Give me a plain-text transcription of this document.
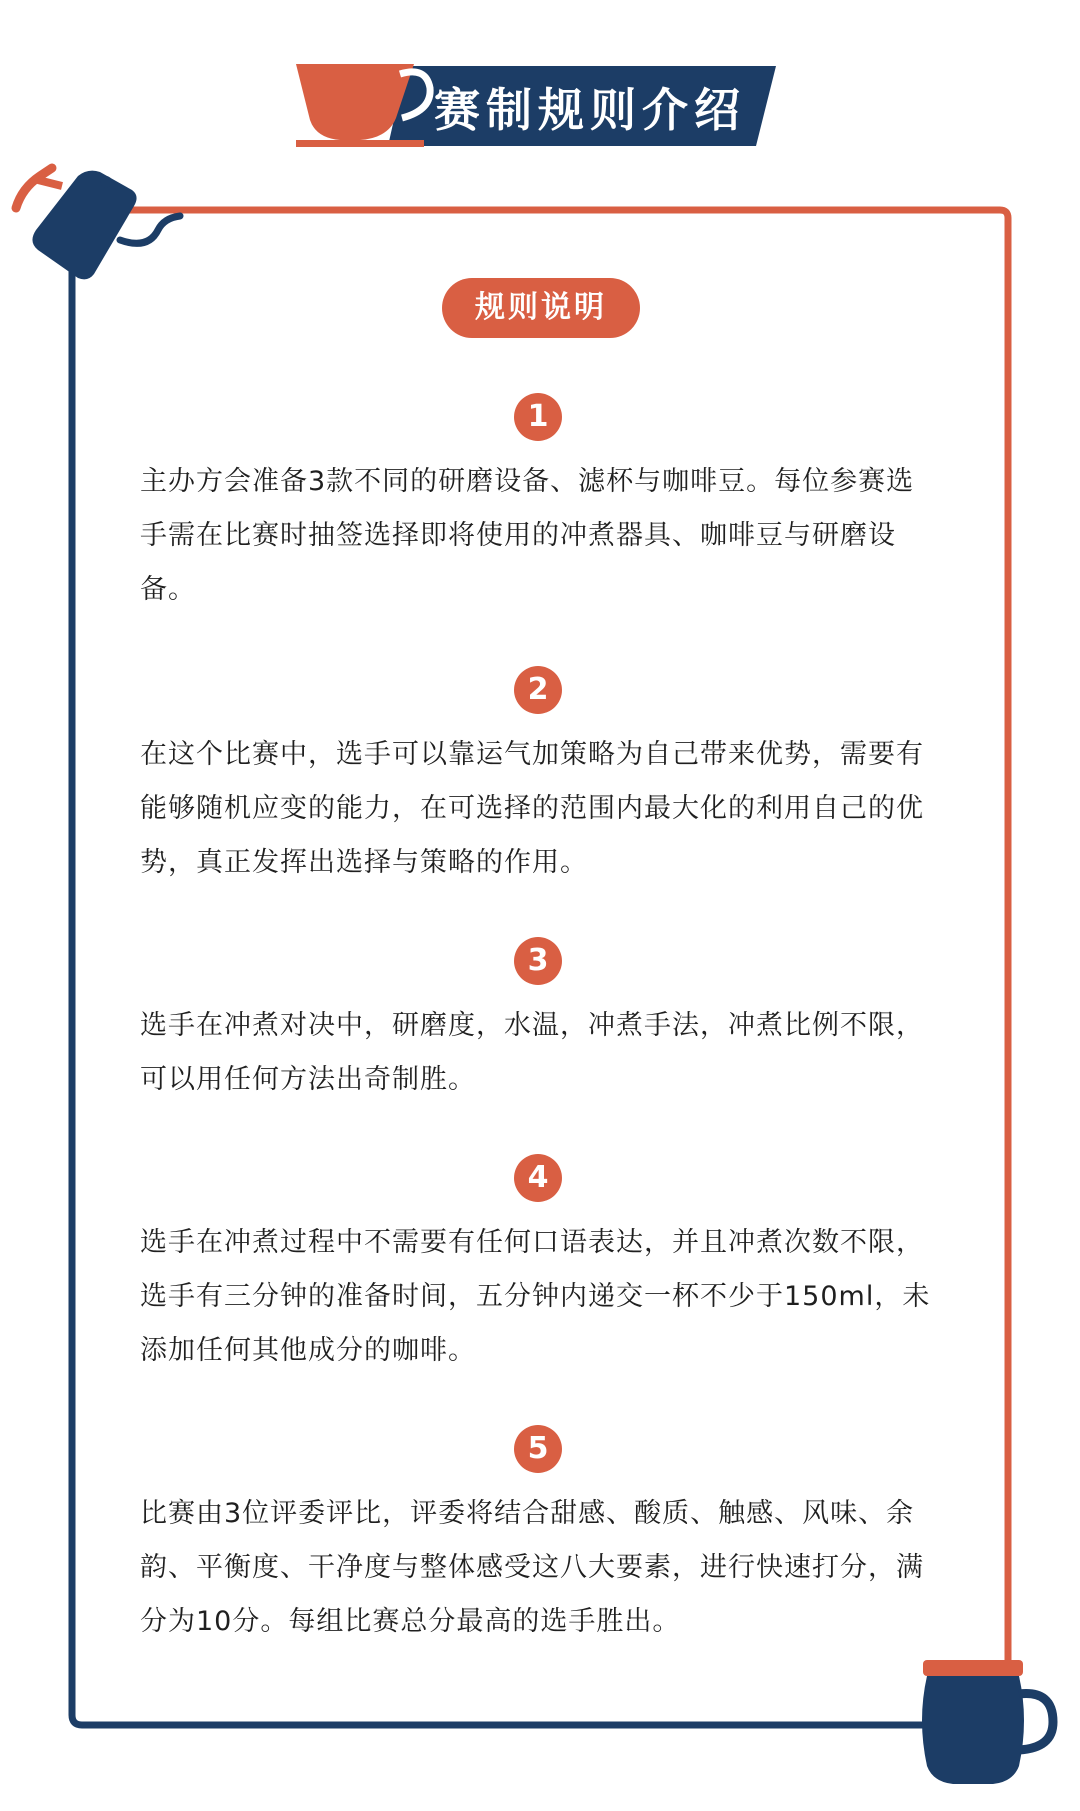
赛制规则介绍
规则说明
1
主办方会准备3款不同的研磨设备、滤杯与咖啡豆。每位参赛选手需在比赛时抽签选择即将使用的冲煮器具、咖啡豆与研磨设备。
2
在这个比赛中，选手可以靠运气加策略为自己带来优势，需要有能够随机应变的能力，在可选择的范围内最大化的利用自己的优势，真正发挥出选择与策略的作用。
3
选手在冲煮对决中，研磨度，水温，冲煮手法，冲煮比例不限，可以用任何方法出奇制胜。
4
选手在冲煮过程中不需要有任何口语表达，并且冲煮次数不限，选手有三分钟的准备时间，五分钟内递交一杯不少于150ml，未添加任何其他成分的咖啡。
5
比赛由3位评委评比，评委将结合甜感、酸质、触感、风味、余韵、平衡度、干净度与整体感受这八大要素，进行快速打分，满分为10分。每组比赛总分最高的选手胜出。
